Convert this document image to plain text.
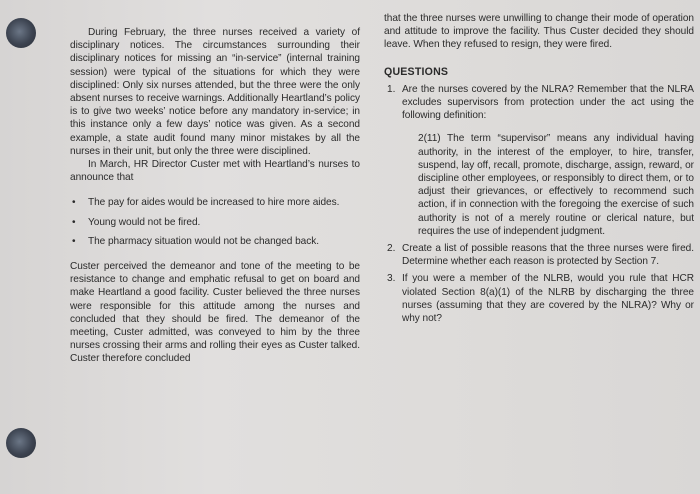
During February, the three nurses received a variety of disciplinary notices. The circumstances surrounding their disciplinary notices for missing an “in-service” (internal training session) were typical of the situations for which they were disciplined: Only six nurses attended, but the three were the only absent nurses to receive warnings. Additionally Heartland’s policy is to give two weeks’ notice before any mandatory in-service; in this instance only a few days’ notice was given. As a second example, a state audit found many minor mistakes by all the nurses in their unit, but only the three were disciplined.

In March, HR Director Custer met with Heartland’s nurses to announce that

• The pay for aides would be increased to hire more aides.
• Young would not be fired.
• The pharmacy situation would not be changed back.

Custer perceived the demeanor and tone of the meeting to be resistance to change and emphatic refusal to get on board and make Heartland a good facility. Custer believed the three nurses were responsible for this attitude among the nurses and concluded that they should be fired. The demeanor of the meeting, Custer admitted, was conveyed to him by the three nurses crossing their arms and rolling their eyes as Custer talked. Custer therefore concluded

that the three nurses were unwilling to change their mode of operation and attitude to improve the facility. Thus Custer decided they should leave. When they refused to resign, they were fired.

QUESTIONS
1. Are the nurses covered by the NLRA? Remember that the NLRA excludes supervisors from protection under the act using the following definition:

2(11) The term “supervisor” means any individual having authority, in the interest of the employer, to hire, transfer, suspend, lay off, recall, promote, discharge, assign, reward, or discipline other employees, or responsibly to direct them, or to adjust their grievances, or effectively to recommend such action, if in connection with the foregoing the exercise of such authority is not of a merely routine or clerical nature, but requires the use of independent judgment.

2. Create a list of possible reasons that the three nurses were fired. Determine whether each reason is protected by Section 7.

3. If you were a member of the NLRB, would you rule that HCR violated Section 8(a)(1) of the NLRB by discharging the three nurses (assuming that they are covered by the NLRA)? Why or why not?
